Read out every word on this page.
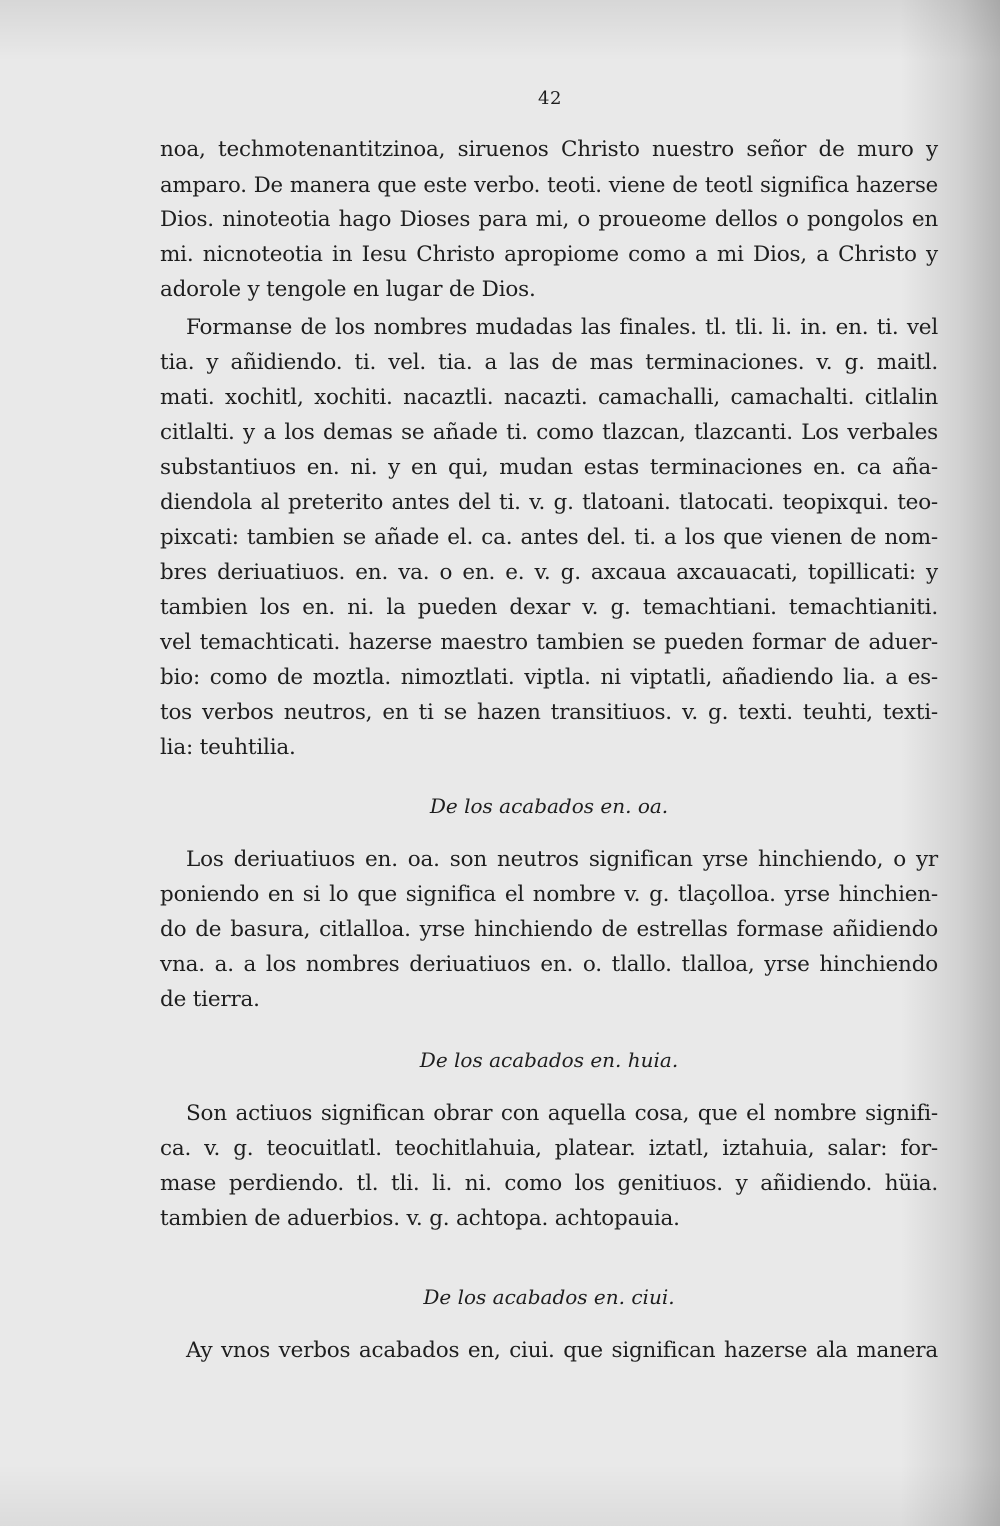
42
noa, techmotenantitzinoa, siruenos Christo nuestro señor de muro y
amparo. De manera que este verbo. teoti. viene de teotl significa hazerse
Dios. ninoteotia hago Dioses para mi, o proueome dellos o pongolos en
mi. nicnoteotia in Iesu Christo apropiome como a mi Dios, a Christo y
adorole y tengole en lugar de Dios.
Formanse de los nombres mudadas las finales. tl. tli. li. in. en. ti. vel
tia. y añidiendo. ti. vel. tia. a las de mas terminaciones. v. g. maitl.
mati. xochitl, xochiti. nacaztli. nacazti. camachalli, camachalti. citlalin
citlalti. y a los demas se añade ti. como tlazcan, tlazcanti. Los verbales
substantiuos en. ni. y en qui, mudan estas terminaciones en. ca aña-
diendola al preterito antes del ti. v. g. tlatoani. tlatocati. teopixqui. teo-
pixcati: tambien se añade el. ca. antes del. ti. a los que vienen de nom-
bres deriuatiuos. en. va. o en. e. v. g. axcaua axcauacati, topillicati: y
tambien los en. ni. la pueden dexar v. g. temachtiani. temachtianiti.
vel temachticati. hazerse maestro tambien se pueden formar de aduer-
bio: como de moztla. nimoztlati. viptla. ni viptatli, añadiendo lia. a es-
tos verbos neutros, en ti se hazen transitiuos. v. g. texti. teuhti, texti-
lia: teuhtilia.
De los acabados en. oa.
Los deriuatiuos en. oa. son neutros significan yrse hinchiendo, o yr
poniendo en si lo que significa el nombre v. g. tlaçolloa. yrse hinchien-
do de basura, citlalloa. yrse hinchiendo de estrellas formase añidiendo
vna. a. a los nombres deriuatiuos en. o. tlallo. tlalloa, yrse hinchiendo
de tierra.
De los acabados en. huia.
Son actiuos significan obrar con aquella cosa, que el nombre signifi-
ca. v. g. teocuitlatl. teochitlahuia, platear. iztatl, iztahuia, salar: for-
mase perdiendo. tl. tli. li. ni. como los genitiuos. y añidiendo. hüia.
tambien de aduerbios. v. g. achtopa. achtopauia.
De los acabados en. ciui.
Ay vnos verbos acabados en, ciui. que significan hazerse ala manera
